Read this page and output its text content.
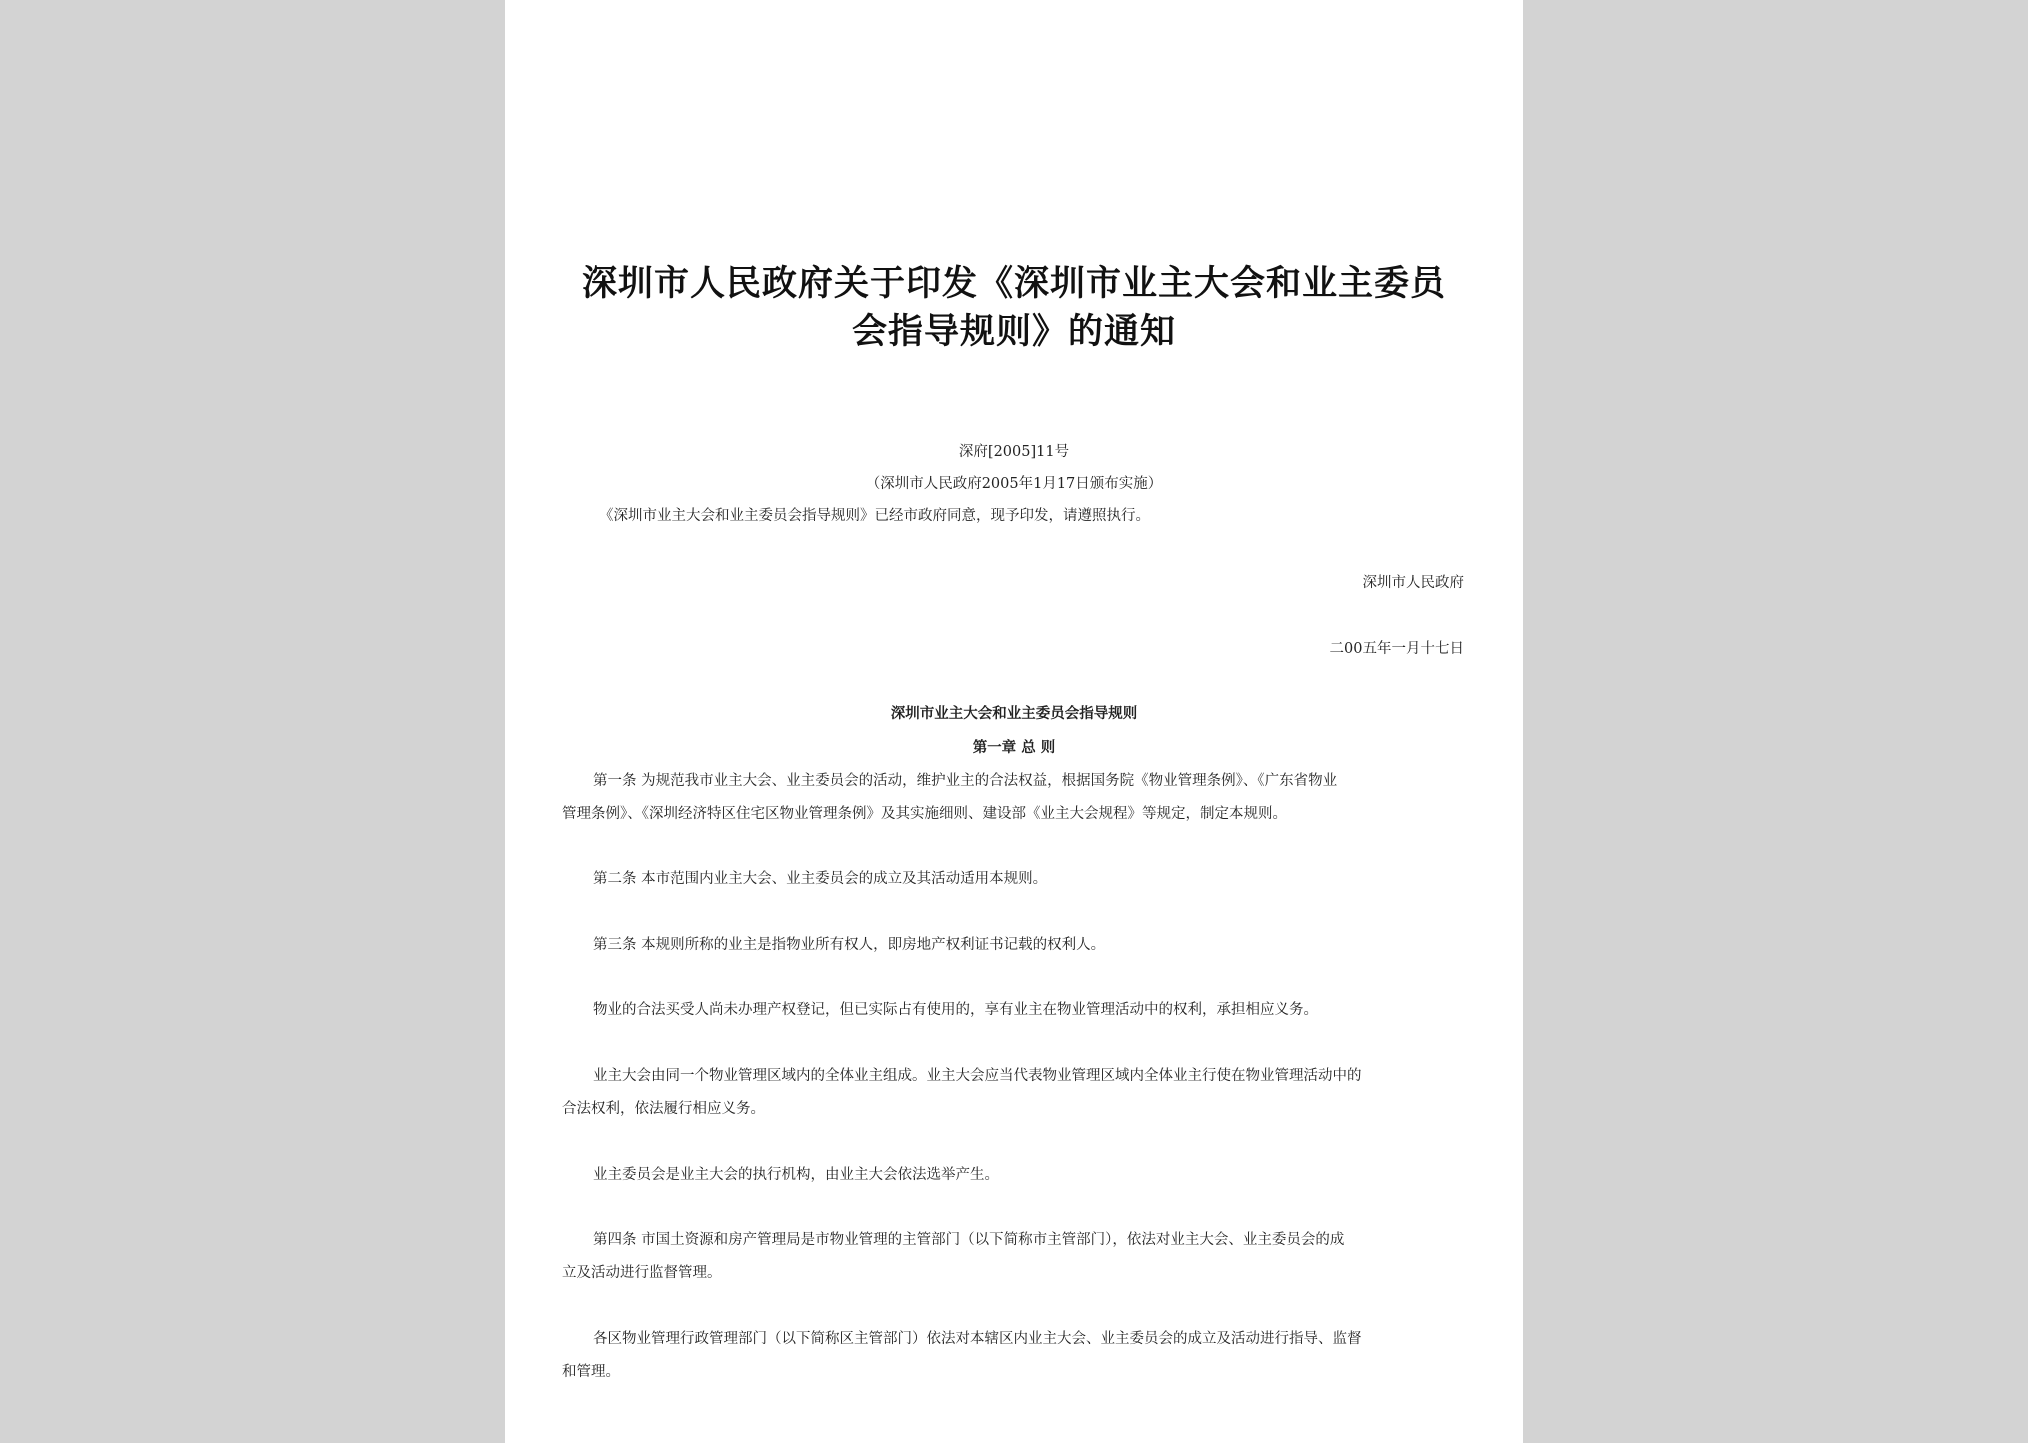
深圳市人民政府关于印发《深圳市业主大会和业主委员
会指导规则》的通知
深府[2005]11号
（深圳市人民政府2005年1月17日颁布实施）
《深圳市业主大会和业主委员会指导规则》已经市政府同意，现予印发，请遵照执行。
深圳市人民政府
二00五年一月十七日
深圳市业主大会和业主委员会指导规则
第一章 总 则
第一条 为规范我市业主大会、业主委员会的活动，维护业主的合法权益，根据国务院《物业管理条例》、《广东省物业
管理条例》、《深圳经济特区住宅区物业管理条例》及其实施细则、建设部《业主大会规程》等规定，制定本规则。
第二条 本市范围内业主大会、业主委员会的成立及其活动适用本规则。
第三条 本规则所称的业主是指物业所有权人，即房地产权利证书记载的权利人。
物业的合法买受人尚未办理产权登记，但已实际占有使用的，享有业主在物业管理活动中的权利，承担相应义务。
业主大会由同一个物业管理区域内的全体业主组成。业主大会应当代表物业管理区域内全体业主行使在物业管理活动中的
合法权利，依法履行相应义务。
业主委员会是业主大会的执行机构，由业主大会依法选举产生。
第四条 市国土资源和房产管理局是市物业管理的主管部门（以下简称市主管部门），依法对业主大会、业主委员会的成
立及活动进行监督管理。
各区物业管理行政管理部门（以下简称区主管部门）依法对本辖区内业主大会、业主委员会的成立及活动进行指导、监督
和管理。
